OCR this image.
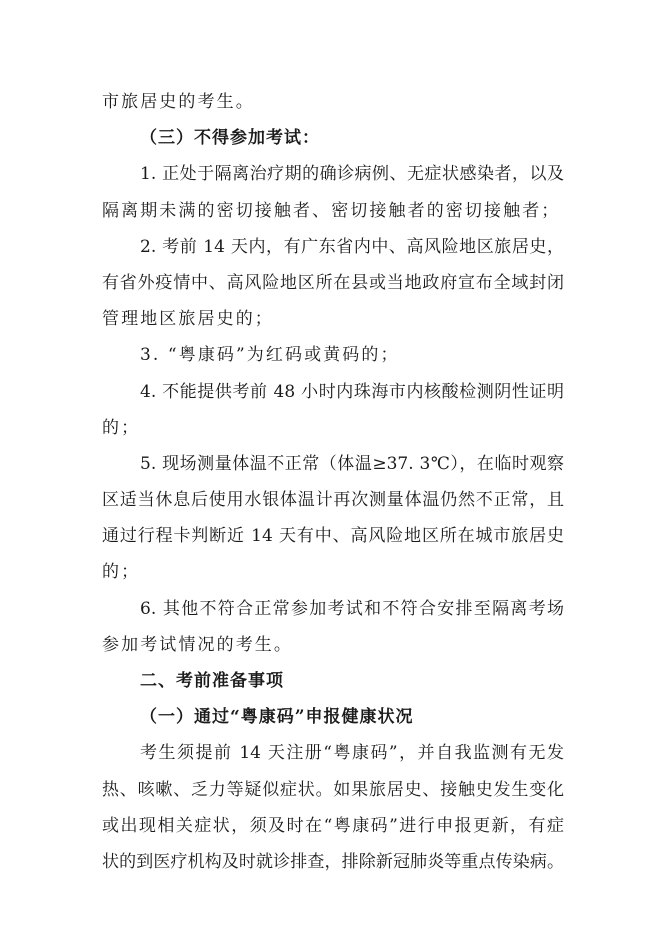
市旅居史的考生。
（三）不得参加考试：
1. 正处于隔离治疗期的确诊病例、无症状感染者，以及
隔离期未满的密切接触者、密切接触者的密切接触者；
2. 考前 14 天内，有广东省内中、高风险地区旅居史，
有省外疫情中、高风险地区所在县或当地政府宣布全域封闭
管理地区旅居史的；
3. “粤康码”为红码或黄码的；
4. 不能提供考前 48 小时内珠海市内核酸检测阴性证明
的；
5. 现场测量体温不正常（体温≥37. 3℃），在临时观察
区适当休息后使用水银体温计再次测量体温仍然不正常，且
通过行程卡判断近 14 天有中、高风险地区所在城市旅居史
的；
6. 其他不符合正常参加考试和不符合安排至隔离考场
参加考试情况的考生。
二、考前准备事项
（一）通过“粤康码”申报健康状况
考生须提前 14 天注册“粤康码”，并自我监测有无发
热、咳嗽、乏力等疑似症状。如果旅居史、接触史发生变化
或出现相关症状，须及时在“粤康码”进行申报更新，有症
状的到医疗机构及时就诊排查，排除新冠肺炎等重点传染病。
